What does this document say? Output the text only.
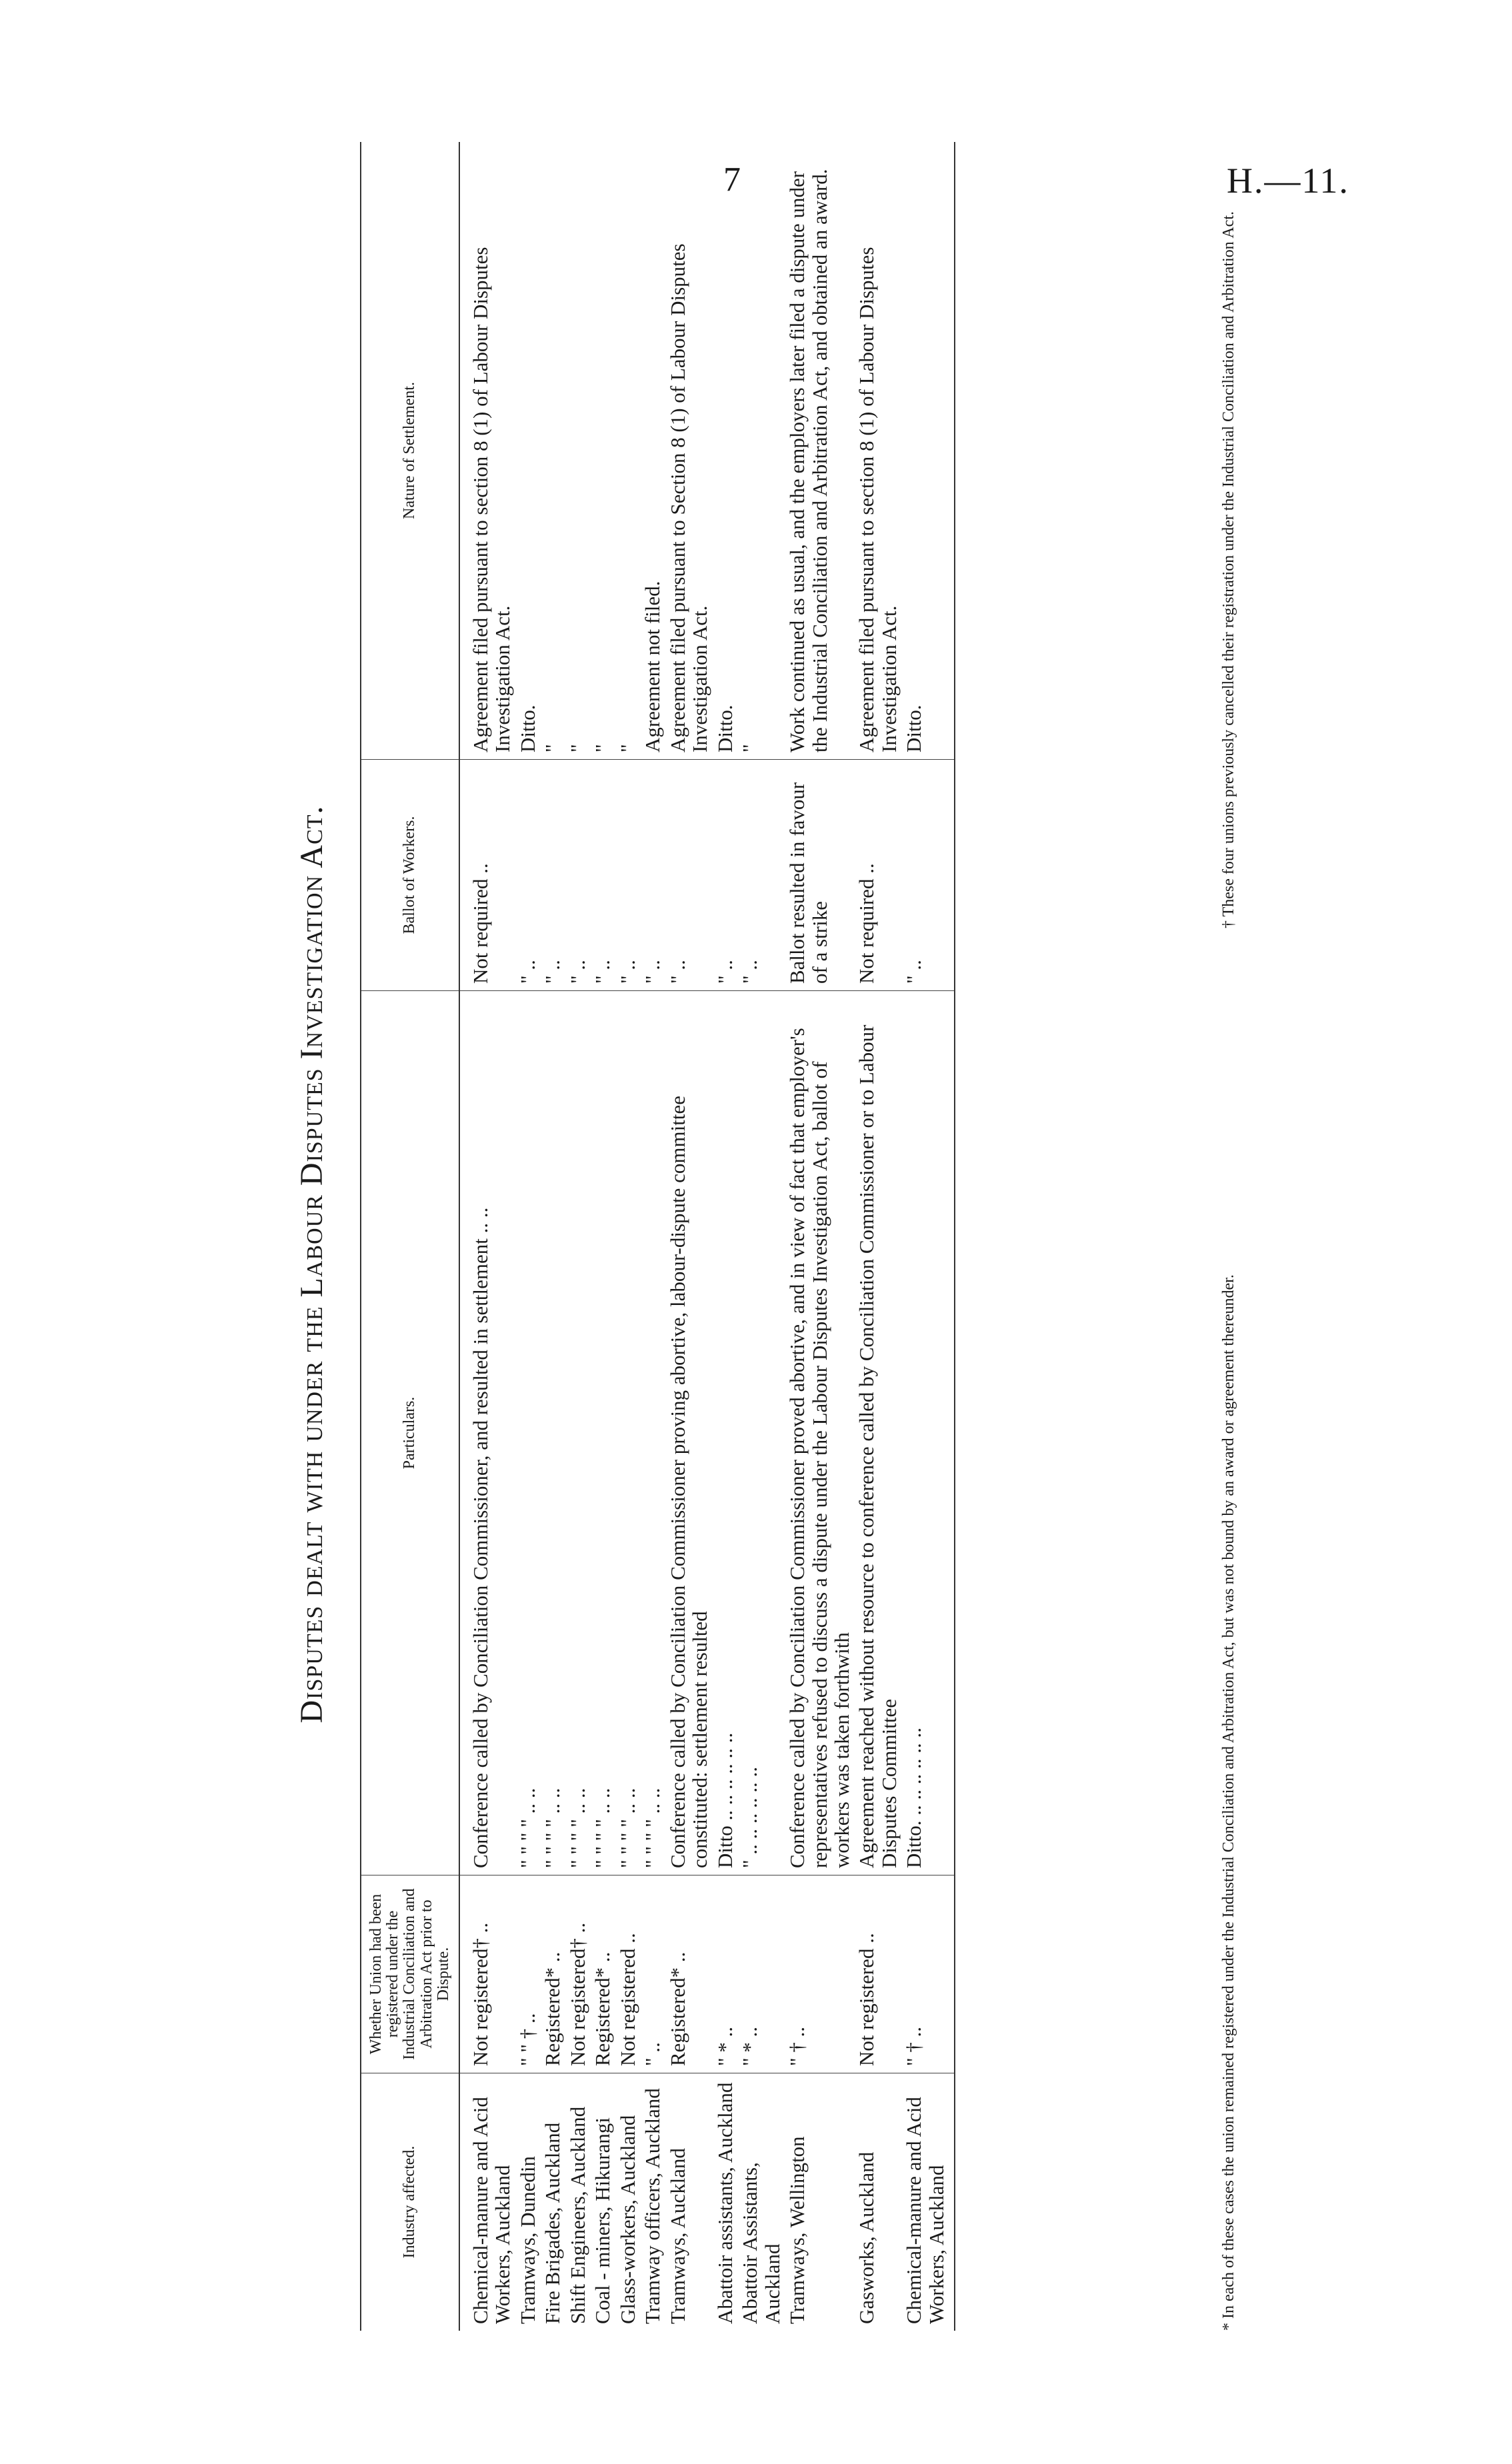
7	H.—11.
Disputes dealt with under the Labour Disputes Investigation Act.
Industry affected.	Whether Union had been registered under the Industrial Conciliation and Arbitration Act prior to Dispute.	Particulars.	Ballot of Workers.	Nature of Settlement.
Chemical-manure and Acid Workers, Auckland	Not registered† ..	Conference called by Conciliation Commissioner, and resulted in settlement .. ..	Not required ..	Agreement filed pursuant to section 8 (1) of Labour Disputes Investigation Act.
Tramways, Dunedin	" " † ..	" " " " .. ..	" ..	Ditto.
Fire Brigades, Auckland	Registered* ..	" " " " .. ..	" ..	"
Shift Engineers, Auckland	Not registered† ..	" " " " .. ..	" ..	"
Coal - miners, Hikurangi	Registered* ..	" " " " .. ..	" ..	"
Glass-workers, Auckland	Not registered ..	" " " " .. ..	" ..	"
Tramway officers, Auckland	" ..	" " " " .. ..	" ..	Agreement not filed.
Tramways, Auckland	Registered* ..	Conference called by Conciliation Commissioner proving abortive, labour-dispute committee constituted: settlement resulted	" ..	Agreement filed pursuant to Section 8 (1) of Labour Disputes Investigation Act.
Abattoir assistants, Auckland	" * ..	Ditto .. .. .. .. .. ..	" ..	Ditto.
Abattoir Assistants, Auckland	" * ..	" .. .. .. .. .. ..	" ..	"
Tramways, Wellington	" † ..	Conference called by Conciliation Commissioner proved abortive, and in view of fact that employer's representatives refused to discuss a dispute under the Labour Disputes Investigation Act, ballot of workers was taken forthwith	Ballot resulted in favour of a strike	Work continued as usual, and the employers later filed a dispute under the Industrial Conciliation and Arbitration Act, and obtained an award.
Gasworks, Auckland	Not registered ..	Agreement reached without resource to conference called by Conciliation Commissioner or to Labour Disputes Committee	Not required ..	Agreement filed pursuant to section 8 (1) of Labour Disputes Investigation Act.
Chemical-manure and Acid Workers, Auckland	" † ..	Ditto. .. .. .. .. .. ..	" ..	Ditto.
* In each of these cases the union remained registered under the Industrial Conciliation and Arbitration Act, but was not bound by an award or agreement thereunder.
† These four unions previously cancelled their registration under the Industrial Conciliation and Arbitration Act.
